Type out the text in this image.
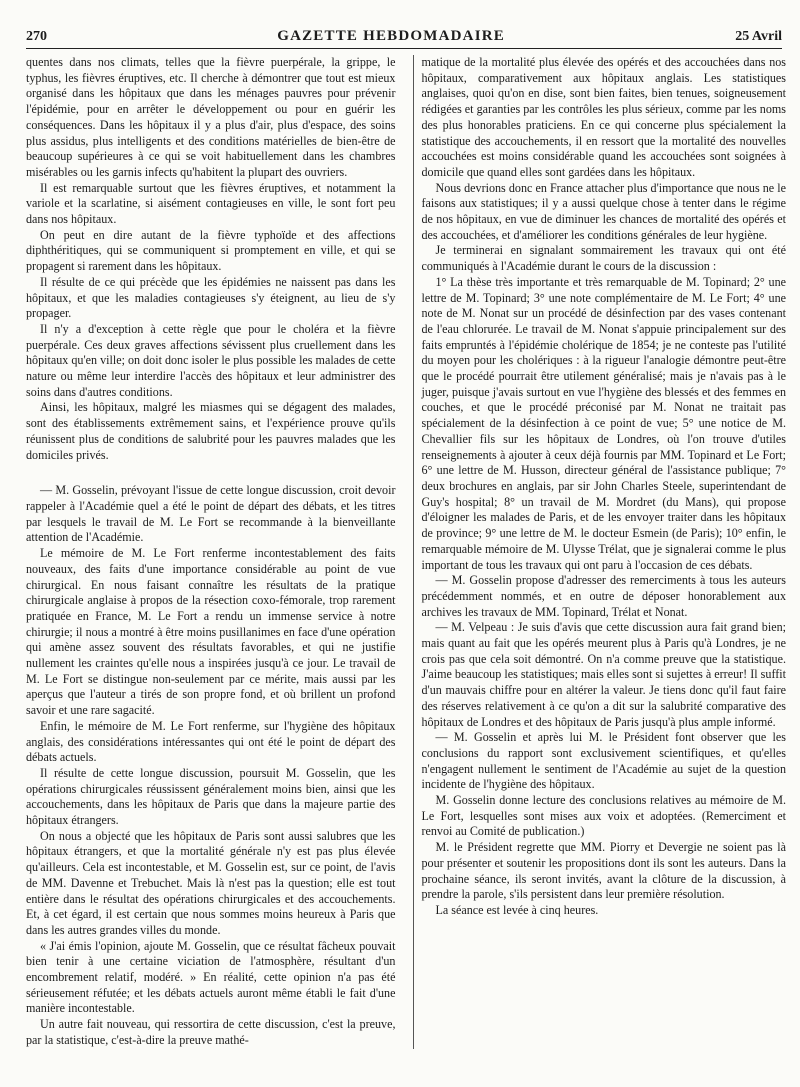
270	GAZETTE HEBDOMADAIRE	25 Avril

quentes dans nos climats, telles que la fièvre puerpérale, la grippe, le typhus, les fièvres éruptives, etc. Il cherche à démontrer que tout est mieux organisé dans les hôpitaux que dans les ménages pauvres pour prévenir l'épidémie, pour en arrêter le développement ou pour en guérir les conséquences. Dans les hôpitaux il y a plus d'air, plus d'espace, des soins plus assidus, plus intelligents et des conditions matérielles de bien-être de beaucoup supérieures à ce qui se voit habituellement dans les chambres misérables ou les garnis infects qu'habitent la plupart des ouvriers.

Il est remarquable surtout que les fièvres éruptives, et notamment la variole et la scarlatine, si aisément contagieuses en ville, le sont fort peu dans nos hôpitaux.

On peut en dire autant de la fièvre typhoïde et des affections diphthéritiques, qui se communiquent si promptement en ville, et qui se propagent si rarement dans les hôpitaux.

Il résulte de ce qui précède que les épidémies ne naissent pas dans les hôpitaux, et que les maladies contagieuses s'y éteignent, au lieu de s'y propager.

Il n'y a d'exception à cette règle que pour le choléra et la fièvre puerpérale. Ces deux graves affections sévissent plus cruellement dans les hôpitaux qu'en ville; on doit donc isoler le plus possible les malades de cette nature ou même leur interdire l'accès des hôpitaux et leur administrer des soins dans d'autres conditions.

Ainsi, les hôpitaux, malgré les miasmes qui se dégagent des malades, sont des établissements extrêmement sains, et l'expérience prouve qu'ils réunissent plus de conditions de salubrité pour les pauvres malades que les domiciles privés.

— M. Gosselin, prévoyant l'issue de cette longue discussion, croit devoir rappeler à l'Académie quel a été le point de départ des débats, et les titres par lesquels le travail de M. Le Fort se recommande à la bienveillante attention de l'Académie.

Le mémoire de M. Le Fort renferme incontestablement des faits nouveaux, des faits d'une importance considérable au point de vue chirurgical. En nous faisant connaître les résultats de la pratique chirurgicale anglaise à propos de la résection coxo-fémorale, trop rarement pratiquée en France, M. Le Fort a rendu un immense service à notre chirurgie; il nous a montré à être moins pusillanimes en face d'une opération qui amène assez souvent des résultats favorables, et qui ne justifie nullement les craintes qu'elle nous a inspirées jusqu'à ce jour. Le travail de M. Le Fort se distingue non-seulement par ce mérite, mais aussi par les aperçus que l'auteur a tirés de son propre fond, et où brillent un profond savoir et une rare sagacité.

Enfin, le mémoire de M. Le Fort renferme, sur l'hygiène des hôpitaux anglais, des considérations intéressantes qui ont été le point de départ des débats actuels.

Il résulte de cette longue discussion, poursuit M. Gosselin, que les opérations chirurgicales réussissent généralement moins bien, ainsi que les accouchements, dans les hôpitaux de Paris que dans la majeure partie des hôpitaux étrangers.

On nous a objecté que les hôpitaux de Paris sont aussi salubres que les hôpitaux étrangers, et que la mortalité générale n'y est pas plus élevée qu'ailleurs. Cela est incontestable, et M. Gosselin est, sur ce point, de l'avis de MM. Davenne et Trebuchet. Mais là n'est pas la question; elle est tout entière dans le résultat des opérations chirurgicales et des accouchements. Et, à cet égard, il est certain que nous sommes moins heureux à Paris que dans les autres grandes villes du monde.

« J'ai émis l'opinion, ajoute M. Gosselin, que ce résultat fâcheux pouvait bien tenir à une certaine viciation de l'atmosphère, résultant d'un encombrement relatif, modéré. » En réalité, cette opinion n'a pas été sérieusement réfutée; et les débats actuels auront même établi le fait d'une manière incontestable.

Un autre fait nouveau, qui ressortira de cette discussion, c'est la preuve, par la statistique, c'est-à-dire la preuve mathé-

matique de la mortalité plus élevée des opérés et des accouchées dans nos hôpitaux, comparativement aux hôpitaux anglais. Les statistiques anglaises, quoi qu'on en dise, sont bien faites, bien tenues, soigneusement rédigées et garanties par les contrôles les plus sérieux, comme par les noms des plus honorables praticiens. En ce qui concerne plus spécialement la statistique des accouchements, il en ressort que la mortalité des nouvelles accouchées est moins considérable quand les accouchées sont soignées à domicile que quand elles sont gardées dans les hôpitaux.

Nous devrions donc en France attacher plus d'importance que nous ne le faisons aux statistiques; il y a aussi quelque chose à tenter dans le régime de nos hôpitaux, en vue de diminuer les chances de mortalité des opérés et des accouchées, et d'améliorer les conditions générales de leur hygiène.

Je terminerai en signalant sommairement les travaux qui ont été communiqués à l'Académie durant le cours de la discussion :

1° La thèse très importante et très remarquable de M. Topinard; 2° une lettre de M. Topinard; 3° une note complémentaire de M. Le Fort; 4° une note de M. Nonat sur un procédé de désinfection par des vases contenant de l'eau chlorurée. Le travail de M. Nonat s'appuie principalement sur des faits empruntés à l'épidémie cholérique de 1854; je ne conteste pas l'utilité du moyen pour les cholériques : à la rigueur l'analogie démontre peut-être que le procédé pourrait être utilement généralisé; mais je n'avais pas à le juger, puisque j'avais surtout en vue l'hygiène des blessés et des femmes en couches, et que le procédé préconisé par M. Nonat ne traitait pas spécialement de la désinfection à ce point de vue; 5° une notice de M. Chevallier fils sur les hôpitaux de Londres, où l'on trouve d'utiles renseignements à ajouter à ceux déjà fournis par MM. Topinard et Le Fort; 6° une lettre de M. Husson, directeur général de l'assistance publique; 7° deux brochures en anglais, par sir John Charles Steele, superintendant de Guy's hospital; 8° un travail de M. Mordret (du Mans), qui propose d'éloigner les malades de Paris, et de les envoyer traiter dans les hôpitaux de province; 9° une lettre de M. le docteur Esmein (de Paris); 10° enfin, le remarquable mémoire de M. Ulysse Trélat, que je signalerai comme le plus important de tous les travaux qui ont paru à l'occasion de ces débats.

— M. Gosselin propose d'adresser des remerciments à tous les auteurs précédemment nommés, et en outre de déposer honorablement aux archives les travaux de MM. Topinard, Trélat et Nonat.

— M. Velpeau : Je suis d'avis que cette discussion aura fait grand bien; mais quant au fait que les opérés meurent plus à Paris qu'à Londres, je ne crois pas que cela soit démontré. On n'a comme preuve que la statistique. J'aime beaucoup les statistiques; mais elles sont si sujettes à erreur! Il suffit d'un mauvais chiffre pour en altérer la valeur. Je tiens donc qu'il faut faire des réserves relativement à ce qu'on a dit sur la salubrité comparative des hôpitaux de Londres et des hôpitaux de Paris jusqu'à plus ample informé.

— M. Gosselin et après lui M. le Président font observer que les conclusions du rapport sont exclusivement scientifiques, et qu'elles n'engagent nullement le sentiment de l'Académie au sujet de la question incidente de l'hygiène des hôpitaux.

M. Gosselin donne lecture des conclusions relatives au mémoire de M. Le Fort, lesquelles sont mises aux voix et adoptées. (Remerciment et renvoi au Comité de publication.)

M. le Président regrette que MM. Piorry et Devergie ne soient pas là pour présenter et soutenir les propositions dont ils sont les auteurs. Dans la prochaine séance, ils seront invités, avant la clôture de la discussion, à prendre la parole, s'ils persistent dans leur première résolution.

La séance est levée à cinq heures.
